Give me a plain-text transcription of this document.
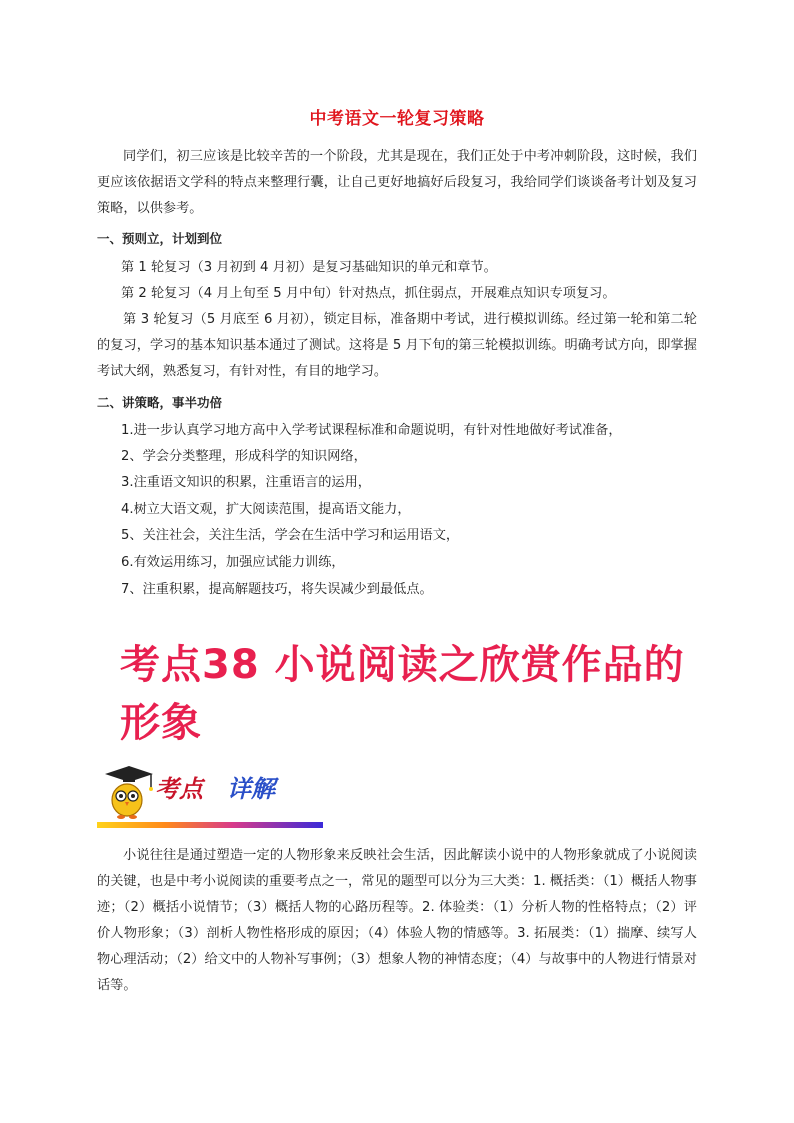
中考语文一轮复习策略

同学们，初三应该是比较辛苦的一个阶段，尤其是现在，我们正处于中考冲刺阶段，这时候，我们更应该依据语文学科的特点来整理行囊，让自己更好地搞好后段复习，我给同学们谈谈备考计划及复习策略，以供参考。

一、预则立，计划到位
第 1 轮复习（3 月初到 4 月初）是复习基础知识的单元和章节。
第 2 轮复习（4 月上旬至 5 月中旬）针对热点，抓住弱点，开展难点知识专项复习。

第 3 轮复习（5 月底至 6 月初），锁定目标，准备期中考试，进行模拟训练。经过第一轮和第二轮的复习，学习的基本知识基本通过了测试。这将是 5 月下旬的第三轮模拟训练。明确考试方向，即掌握考试大纲，熟悉复习，有针对性，有目的地学习。

二、讲策略，事半功倍
1.进一步认真学习地方高中入学考试课程标准和命题说明，有针对性地做好考试准备，
2、学会分类整理，形成科学的知识网络，
3.注重语文知识的积累，注重语言的运用，
4.树立大语文观，扩大阅读范围，提高语文能力，
5、关注社会，关注生活，学会在生活中学习和运用语文，
6.有效运用练习，加强应试能力训练，
7、注重积累，提高解题技巧，将失误减少到最低点。

考点38 小说阅读之欣赏作品的形象

考点 详解

小说往往是通过塑造一定的人物形象来反映社会生活，因此解读小说中的人物形象就成了小说阅读的关键，也是中考小说阅读的重要考点之一，常见的题型可以分为三大类：1. 概括类：（1）概括人物事迹；（2）概括小说情节；（3）概括人物的心路历程等。2. 体验类：（1）分析人物的性格特点；（2）评价人物形象；（3）剖析人物性格形成的原因；（4）体验人物的情感等。3. 拓展类：（1）揣摩、续写人物心理活动；（2）给文中的人物补写事例；（3）想象人物的神情态度；（4）与故事中的人物进行情景对话等。
